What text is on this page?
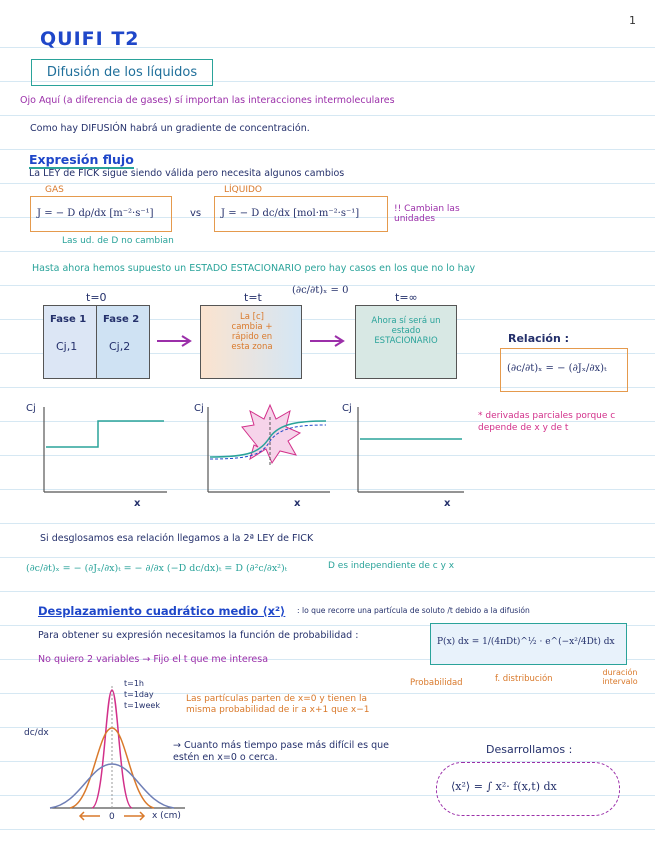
1
QUIFI T2
Difusión de los líquidos
Ojo Aquí (a diferencia de gases) sí importan las interacciones intermoleculares
Como hay DIFUSIÓN habrá un gradiente de concentración.
Expresión flujo
La LEY de FICK sigue siendo válida pero necesita algunos cambios
GAS	LÍQUIDO
J = − D dρ/dx [m⁻²·s⁻¹]	vs J = − D dc/dx [mol·m⁻²·s⁻¹]	!! Cambian las unidades
Las ud. de D no cambian
Hasta ahora hemos supuesto un ESTADO ESTACIONARIO pero hay casos en los que no lo hay
t=0	t=t	t=∞
(∂c/∂t)ₓ = 0
Fase 1
Cj,1
Fase 2
Cj,2
La [c] cambia + rápido en esta zona
Ahora sí será un estado ESTACIONARIO	Relación :
(∂c/∂t)ₓ = − (∂Jₓ/∂x)ₜ
Cj
x
Cj
x
Cj
x
* derivadas parciales porque c depende de x y de t
Si desglosamos esa relación llegamos a la 2ª LEY de FICK
(∂c/∂t)ₓ = − (∂Jₓ/∂x)ₜ = − ∂/∂x (−D dc/dx)ₜ = D (∂²c/∂x²)ₜ	D es independiente de c y x
Desplazamiento cuadrático medio ⟨x²⟩ : lo que recorre una partícula de soluto /t debido a la difusión
Para obtener su expresión necesitamos la función de probabilidad :
No quiero 2 variables → Fijo el t que me interesa
P(x) dx = 1/(4πDt)^½ · e^(−x²/4Dt) dx
Probabilidad	f. distribución
duración intervalo
dc/dx
0	x (cm)
t=1h
t=1day
t=1week
Las partículas parten de x=0 y tienen la misma probabilidad de ir a x+1 que x−1
→ Cuanto más tiempo pase más difícil es que estén en x=0 o cerca.
Desarrollamos :
⟨x²⟩ = ∫ x²· f(x,t) dx
